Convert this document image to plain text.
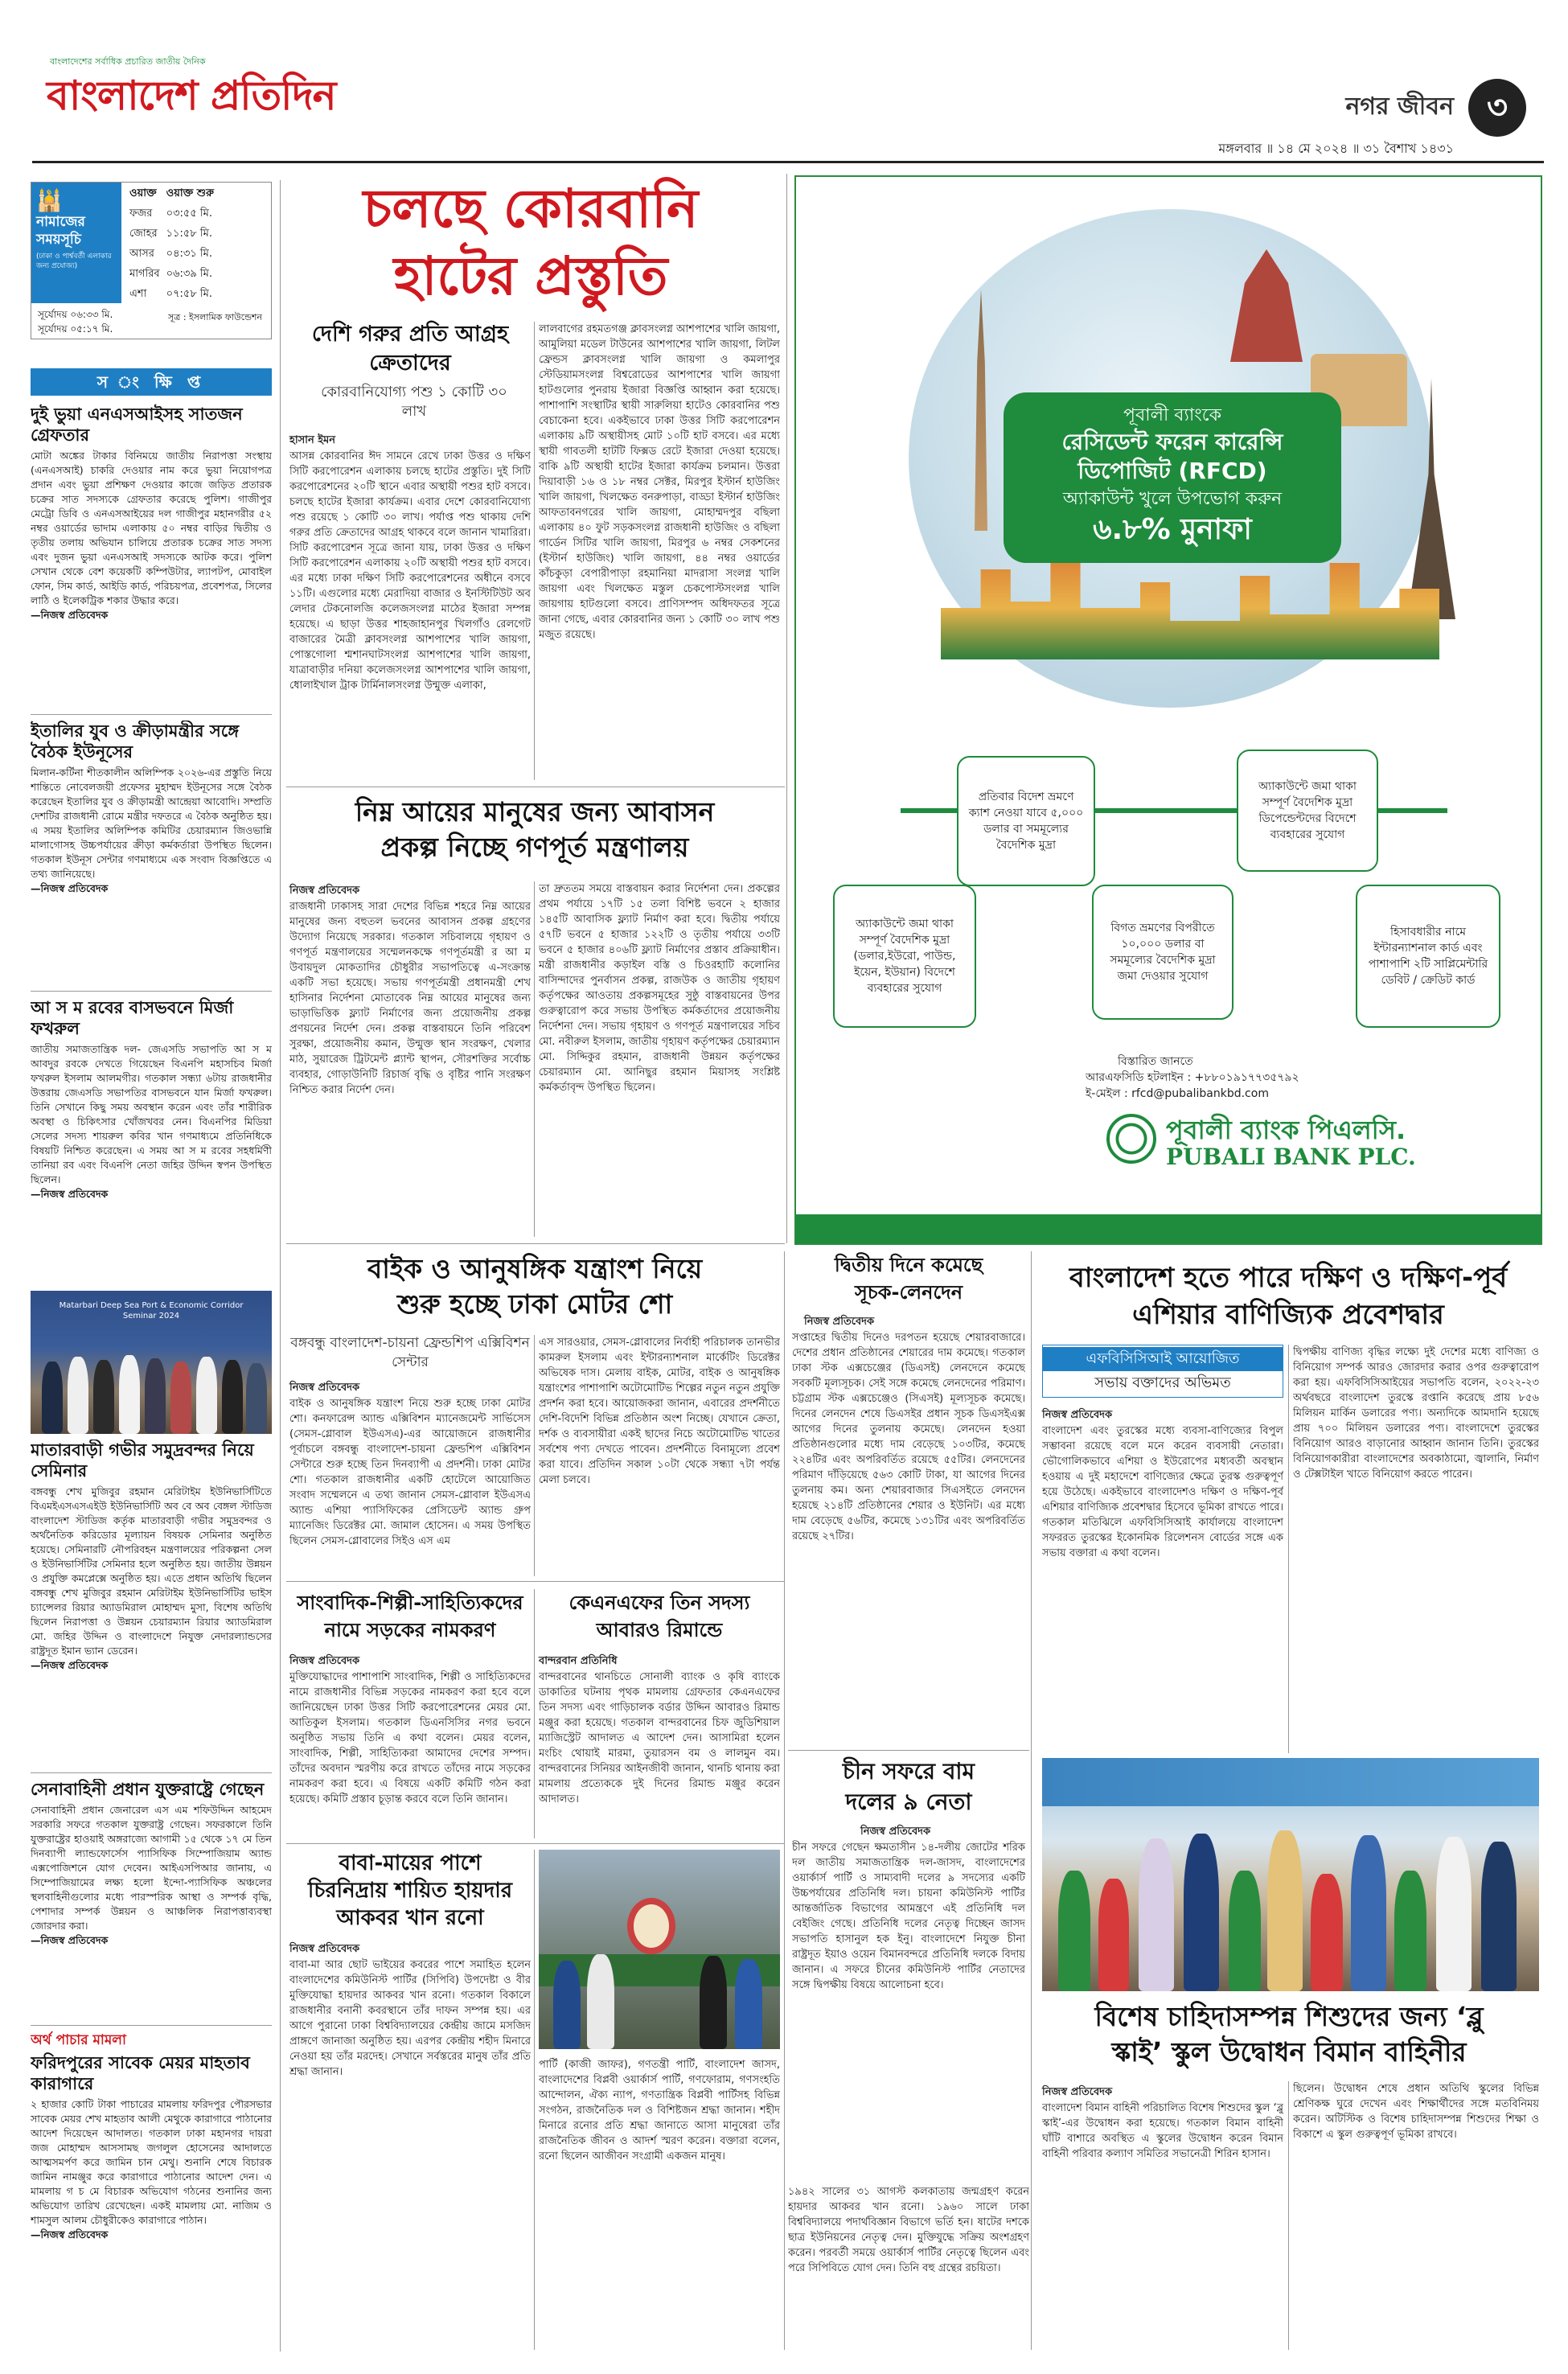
বাংলাদেশের সর্বাধিক প্রচারিত জাতীয় দৈনিক
বাংলাদেশ প্রতিদিন	নগর জীবন	৩
মঙ্গলবার ॥ ১৪ মে ২০২৪ ॥ ৩১ বৈশাখ ১৪৩১
🕌
নামাজের সময়সূচি
(ঢাকা ও পার্শ্ববর্তী এলাকার জন্য প্রযোজ্য)
ওয়াক্ত	ওয়াক্ত শুরু
ফজর	০৩:৫৫ মি.
জোহর	১১:৫৮ মি.
আসর	০৪:৩১ মি.
মাগরিব	০৬:৩৯ মি.
এশা	০৭:৫৮ মি.
সূর্যোদয় ০৬:৩৩ মি.
সূর্যোদয় ০৫:১৭ মি.
সূত্র : ইসলামিক ফাউন্ডেশন
স ং ক্ষি প্ত
দুই ভুয়া এনএসআইসহ সাতজন গ্রেফতার

মোটা অঙ্কের টাকার বিনিময়ে জাতীয় নিরাপত্তা সংস্থায় (এনএসআই) চাকরি দেওয়ার নাম করে ভুয়া নিয়োগপত্র প্রদান এবং ভুয়া প্রশিক্ষণ দেওয়ার কাজে জড়িত প্রতারক চক্রের সাত সদস্যকে গ্রেফতার করেছে পুলিশ। গাজীপুর মেট্রো ডিবি ও এনএসআইয়ের দল গাজীপুর মহানগরীর ৫২ নম্বর ওয়ার্ডের ভাদাম এলাকায় ৫০ নম্বর বাড়ির দ্বিতীয় ও তৃতীয় তলায় অভিযান চালিয়ে প্রতারক চক্রের সাত সদস্য এবং দুজন ভুয়া এনএসআই সদস্যকে আটক করে। পুলিশ সেখান থেকে বেশ কয়েকটি কম্পিউটার, ল্যাপটপ, মোবাইল ফোন, সিম কার্ড, আইডি কার্ড, পরিচয়পত্র, প্রবেশপত্র, সিলের লাঠি ও ইলেকট্রিক শকার উদ্ধার করে।

—নিজস্ব প্রতিবেদক

ইতালির যুব ও ক্রীড়ামন্ত্রীর সঙ্গে বৈঠক ইউনূসের

মিলান-কর্টিনা শীতকালীন অলিম্পিক ২০২৬-এর প্রস্তুতি নিয়ে শান্তিতে নোবেলজয়ী প্রফেসর মুহাম্মদ ইউনূসের সঙ্গে বৈঠক করেছেন ইতালির যুব ও ক্রীড়ামন্ত্রী আন্দ্রেয়া আবোদি। সম্প্রতি দেশটির রাজধানী রোমে মন্ত্রীর দফতরে এ বৈঠক অনুষ্ঠিত হয়। এ সময় ইতালির অলিম্পিক কমিটির চেয়ারম্যান জিওভান্নি মালাগোসহ উচ্চপর্যায়ের ক্রীড়া কর্মকর্তারা উপস্থিত ছিলেন। গতকাল ইউনূস সেন্টার গণমাধ্যমে এক সংবাদ বিজ্ঞপ্তিতে এ তথ্য জানিয়েছে।

—নিজস্ব প্রতিবেদক

আ স ম রবের বাসভবনে মির্জা ফখরুল

জাতীয় সমাজতান্ত্রিক দল- জেএসডি সভাপতি আ স ম আবদুর রবকে দেখতে গিয়েছেন বিএনপি মহাসচিব মির্জা ফখরুল ইসলাম আলমগীর। গতকাল সন্ধ্যা ৬টায় রাজধানীর উত্তরায় জেএসডি সভাপতির বাসভবনে যান মির্জা ফখরুল। তিনি সেখানে কিছু সময় অবস্থান করেন এবং তাঁর শারীরিক অবস্থা ও চিকিৎসার খোঁজখবর নেন। বিএনপির মিডিয়া সেলের সদস্য শায়রুল কবির খান গণমাধ্যমে প্রতিনিধিকে বিষয়টি নিশ্চিত করেছেন। এ সময় আ স ম রবের সহধর্মিণী তানিয়া রব এবং বিএনপি নেতা জহির উদ্দিন স্বপন উপস্থিত ছিলেন।

—নিজস্ব প্রতিবেদক

Matarbari Deep Sea Port & Economic Corridor Seminar 2024
মাতারবাড়ী গভীর সমুদ্রবন্দর নিয়ে সেমিনার

বঙ্গবন্ধু শেখ মুজিবুর রহমান মেরিটাইম ইউনিভার্সিটিতে বিএমইএসএসএইউ ইউনিভার্সিটি অব বে অব বেঙ্গল স্টাডিজ বাংলাদেশ স্টাডিজ কর্তৃক মাতারবাড়ী গভীর সমুদ্রবন্দর ও অর্থনৈতিক করিডোর মূল্যায়ন বিষয়ক সেমিনার অনুষ্ঠিত হয়েছে। সেমিনারটি নৌপরিবহন মন্ত্রণালয়ের পরিকল্পনা সেল ও ইউনিভার্সিটির সেমিনার হলে অনুষ্ঠিত হয়। জাতীয় উন্নয়ন ও প্রযুক্তি কমপ্লেক্সে অনুষ্ঠিত হয়। এতে প্রধান অতিথি ছিলেন বঙ্গবন্ধু শেখ মুজিবুর রহমান মেরিটাইম ইউনিভার্সিটির ভাইস চ্যান্সেলর রিয়ার অ্যাডমিরাল মোহাম্মদ মুসা, বিশেষ অতিথি ছিলেন নিরাপত্তা ও উন্নয়ন চেয়ারম্যান রিয়ার অ্যাডমিরাল মো. জহির উদ্দিন ও বাংলাদেশে নিযুক্ত নেদারল্যান্ডসের রাষ্ট্রদূত ইমান ভ্যান ডেরেন।

—নিজস্ব প্রতিবেদক

সেনাবাহিনী প্রধান যুক্তরাষ্ট্রে গেছেন

সেনাবাহিনী প্রধান জেনারেল এস এম শফিউদ্দিন আহমেদ সরকারি সফরে গতকাল যুক্তরাষ্ট্র গেছেন। সফরকালে তিনি যুক্তরাষ্ট্রের হাওয়াই অঙ্গরাজ্যে আগামী ১৫ থেকে ১৭ মে তিন দিনব্যাপী ল্যান্ডফোর্সেস প্যাসিফিক সিম্পোজিয়াম অ্যান্ড এক্সপোজিশনে যোগ দেবেন। আইএসপিআর জানায়, এ সিম্পোজিয়ামের লক্ষ্য হলো ইন্দো-প্যাসিফিক অঞ্চলের স্থলবাহিনীগুলোর মধ্যে পারস্পরিক আস্থা ও সম্পর্ক বৃদ্ধি, পেশাদার সম্পর্ক উন্নয়ন ও আঞ্চলিক নিরাপত্তাব্যবস্থা জোরদার করা।

—নিজস্ব প্রতিবেদক

অর্থ পাচার মামলা
ফরিদপুরের সাবেক মেয়র মাহতাব কারাগারে

২ হাজার কোটি টাকা পাচারের মামলায় ফরিদপুর পৌরসভার সাবেক মেয়র শেখ মাহতাব আলী মেথুকে কারাগারে পাঠানোর আদেশ দিয়েছেন আদালত। গতকাল ঢাকা মহানগর দায়রা জজ মোহাম্মদ আসসামছ জগলুল হোসেনের আদালতে আত্মসমর্পণ করে জামিন চান মেথু। শুনানি শেষে বিচারক জামিন নামঞ্জুর করে কারাগারে পাঠানোর আদেশ দেন। এ মামলায় গ চ মে বিচারক অভিযোগ গঠনের শুনানির জন্য অভিযোগ তারিখ রেখেছেন। একই মামলায় মো. নাজিম ও শামসুল আলম চৌধুরীকেও কারাগারে পাঠান।

—নিজস্ব প্রতিবেদক

চলছে কোরবানি
হাটের প্রস্তুতি
দেশি গরুর প্রতি আগ্রহ ক্রেতাদের
কোরবানিযোগ্য পশু ১ কোটি ৩০ লাখ
হাসান ইমন
আসন্ন কোরবানির ঈদ সামনে রেখে ঢাকা উত্তর ও দক্ষিণ সিটি করপোরেশন এলাকায় চলছে হাটের প্রস্তুতি। দুই সিটি করপোরেশনের ২০টি স্থানে এবার অস্থায়ী পশুর হাট বসবে। চলছে হাটের ইজারা কার্যক্রম। এবার দেশে কোরবানিযোগ্য পশু রয়েছে ১ কোটি ৩০ লাখ। পর্যাপ্ত পশু থাকায় দেশি গরুর প্রতি ক্রেতাদের আগ্রহ থাকবে বলে জানান খামারিরা। সিটি করপোরেশন সূত্রে জানা যায়, ঢাকা উত্তর ও দক্ষিণ সিটি করপোরেশন এলাকায় ২০টি অস্থায়ী পশুর হাট বসবে। এর মধ্যে ঢাকা দক্ষিণ সিটি করপোরেশনের অধীনে বসবে ১১টি। এগুলোর মধ্যে মেরাদিয়া বাজার ও ইনস্টিটিউট অব লেদার টেকনোলজি কলেজসংলগ্ন মাঠের ইজারা সম্পন্ন হয়েছে। এ ছাড়া উত্তর শাহজাহানপুর খিলগাঁও রেলগেট বাজারের মৈত্রী ক্লাবসংলগ্ন আশপাশের খালি জায়গা, পোস্তগোলা শ্মশানঘাটসংলগ্ন আশপাশের খালি জায়গা, যাত্রাবাড়ীর দনিয়া কলেজসংলগ্ন আশপাশের খালি জায়গা, ধোলাইখাল ট্রাক টার্মিনালসংলগ্ন উন্মুক্ত এলাকা,
লালবাগের রহমতগঞ্জ ক্লাবসংলগ্ন আশপাশের খালি জায়গা, আমুলিয়া মডেল টাউনের আশপাশের খালি জায়গা, লিটল ফ্রেন্ডস ক্লাবসংলগ্ন খালি জায়গা ও কমলাপুর স্টেডিয়ামসংলগ্ন বিশ্বরোডের আশপাশের খালি জায়গা হাটগুলোর পুনরায় ইজারা বিজ্ঞপ্তি আহ্বান করা হয়েছে। পাশাপাশি সংস্থাটির স্থায়ী সারুলিয়া হাটেও কোরবানির পশু বেচাকেনা হবে। একইভাবে ঢাকা উত্তর সিটি করপোরেশন এলাকায় ৯টি অস্থায়ীসহ মোট ১০টি হাট বসবে। এর মধ্যে স্থায়ী গাবতলী হাটটি ফিক্সড রেটে ইজারা দেওয়া হয়েছে। বাকি ৯টি অস্থায়ী হাটের ইজারা কার্যক্রম চলমান। উত্তরা দিয়াবাড়ী ১৬ ও ১৮ নম্বর সেক্টর, মিরপুর ইস্টার্ন হাউজিং খালি জায়গা, খিলক্ষেত বনরুপাড়া, বাড্ডা ইস্টার্ন হাউজিং আফতাবনগরের খালি জায়গা, মোহাম্মদপুর বছিলা এলাকায় ৪০ ফুট সড়কসংলগ্ন রাজধানী হাউজিং ও বছিলা গার্ডেন সিটির খালি জায়গা, মিরপুর ৬ নম্বর সেকশনের (ইস্টার্ন হাউজিং) খালি জায়গা, ৪৪ নম্বর ওয়ার্ডের কাঁচকুড়া বেপারীপাড়া রহমানিয়া মাদরাসা সংলগ্ন খালি জায়গা এবং খিলক্ষেত মস্তুল চেকপোস্টসংলগ্ন খালি জায়গায় হাটগুলো বসবে। প্রাণিসম্পদ অধিদফতর সূত্রে জানা গেছে, এবার কোরবানির জন্য ১ কোটি ৩০ লাখ পশু মজুত রয়েছে।
নিম্ন আয়ের মানুষের জন্য আবাসন
প্রকল্প নিচ্ছে গণপূর্ত মন্ত্রণালয়
নিজস্ব প্রতিবেদক
রাজধানী ঢাকাসহ সারা দেশের বিভিন্ন শহরে নিম্ন আয়ের মানুষের জন্য বহুতল ভবনের আবাসন প্রকল্প গ্রহণের উদ্যোগ নিয়েছে সরকার। গতকাল সচিবালয়ে গৃহায়ণ ও গণপূর্ত মন্ত্রণালয়ের সম্মেলনকক্ষে গণপূর্তমন্ত্রী র আ ম উবায়দুল মোকতাদির চৌধুরীর সভাপতিত্বে এ-সংক্রান্ত একটি সভা হয়েছে। সভায় গণপূর্তমন্ত্রী প্রধানমন্ত্রী শেখ হাসিনার নির্দেশনা মোতাবেক নিম্ন আয়ের মানুষের জন্য ভাড়াভিত্তিক ফ্ল্যাট নির্মাণের জন্য প্রয়োজনীয় প্রকল্প প্রণয়নের নির্দেশ দেন। প্রকল্প বাস্তবায়নে তিনি পরিবেশ সুরক্ষা, প্রয়োজনীয় কমান, উন্মুক্ত স্থান সংরক্ষণ, খেলার মাঠ, সুয়ারেজ ট্রিটমেন্ট প্ল্যান্ট স্থাপন, সৌরশক্তির সর্বোচ্চ ব্যবহার, গোড়াউনিটি রিচার্জ বৃদ্ধি ও বৃষ্টির পানি সংরক্ষণ নিশ্চিত করার নির্দেশ দেন।
তা দ্রুততম সময়ে বাস্তবায়ন করার নির্দেশনা দেন। প্রকল্পের প্রথম পর্যায়ে ১৭টি ১৫ তলা বিশিষ্ট ভবনে ২ হাজার ১৪৫টি আবাসিক ফ্ল্যাট নির্মাণ করা হবে। দ্বিতীয় পর্যায়ে ৫৭টি ভবনে ৫ হাজার ১২২টি ও তৃতীয় পর্যায়ে ৩৩টি ভবনে ৫ হাজার ৪০৬টি ফ্ল্যাট নির্মাণের প্রস্তাব প্রক্রিয়াধীন। মন্ত্রী রাজধানীর কড়াইল বস্তি ও চিওরহাটি কলোনির বাসিন্দাদের পুনর্বাসন প্রকল্প, রাজউক ও জাতীয় গৃহায়ণ কর্তৃপক্ষের আওতায় প্রকল্পসমূহের সুষ্ঠু বাস্তবায়নের উপর গুরুত্বারোপ করে সভায় উপস্থিত কর্মকর্তাদের প্রয়োজনীয় নির্দেশনা দেন। সভায় গৃহায়ণ ও গণপূর্ত মন্ত্রণালয়ের সচিব মো. নবীরুল ইসলাম, জাতীয় গৃহায়ণ কর্তৃপক্ষের চেয়ারম্যান মো. সিদ্দিকুর রহমান, রাজধানী উন্নয়ন কর্তৃপক্ষের চেয়ারম্যান মো. আনিছুর রহমান মিয়াসহ সংশ্লিষ্ট কর্মকর্তাবৃন্দ উপস্থিত ছিলেন।
পূবালী ব্যাংকে
রেসিডেন্ট ফরেন কারেন্সি
ডিপোজিট (RFCD)
অ্যাকাউন্ট খুলে উপভোগ করুন
৬.৮% মুনাফা
প্রতিবার বিদেশ ভ্রমণে ক্যাশ নেওয়া যাবে ৫,০০০ ডলার বা সমমূল্যের বৈদেশিক মুদ্রা
অ্যাকাউন্টে জমা থাকা সম্পূর্ণ বৈদেশিক মুদ্রা ডিপেন্ডেন্টদের বিদেশে ব্যবহারের সুযোগ
অ্যাকাউন্টে জমা থাকা সম্পূর্ণ বৈদেশিক মুদ্রা (ডলার,ইউরো, পাউন্ড, ইয়েন, ইউয়ান) বিদেশে ব্যবহারের সুযোগ
বিগত ভ্রমণের বিপরীতে ১০,০০০ ডলার বা সমমূল্যের বৈদেশিক মুদ্রা জমা দেওয়ার সুযোগ
হিসাবধারীর নামে ইন্টারন্যাশনাল কার্ড এবং পাশাপাশি ২টি সাপ্লিমেন্টারি ডেবিট / ক্রেডিট কার্ড
বিস্তারিত জানতে
আরএফসিডি হটলাইন : +৮৮০১৯১৭৭৩৫৭৯২
ই-মেইল : rfcd@pubalibankbd.com
পূবালী ব্যাংক পিএলসি.
PUBALI BANK PLC.
বাইক ও আনুষঙ্গিক যন্ত্রাংশ নিয়ে
শুরু হচ্ছে ঢাকা মোটর শো
বঙ্গবন্ধু বাংলাদেশ-চায়না ফ্রেন্ডশিপ এক্সিবিশন সেন্টার
নিজস্ব প্রতিবেদক
বাইক ও আনুষঙ্গিক যন্ত্রাংশ নিয়ে শুরু হচ্ছে ঢাকা মোটর শো। কনফারেন্স অ্যান্ড এক্সিবিশন ম্যানেজমেন্ট সার্ভিসেস (সেমস-গ্লোবাল ইউএসএ)-এর আয়োজনে রাজধানীর পূর্বাচলে বঙ্গবন্ধু বাংলাদেশ-চায়না ফ্রেন্ডশিপ এক্সিবিশন সেন্টারে শুরু হচ্ছে তিন দিনব্যাপী এ প্রদর্শনী। ঢাকা মোটর শো। গতকাল রাজধানীর একটি হোটেলে আয়োজিত সংবাদ সম্মেলনে এ তথ্য জানান সেমস-গ্লোবাল ইউএসএ অ্যান্ড এশিয়া প্যাসিফিকের প্রেসিডেন্ট অ্যান্ড গ্রুপ ম্যানেজিং ডিরেক্টর মো. জামাল হোসেন। এ সময় উপস্থিত ছিলেন সেমস-গ্লোবালের সিইও এস এম
এস সারওয়ার, সেমস-গ্লোবালের নির্বাহী পরিচালক তানভীর কামরুল ইসলাম এবং ইন্টারন্যাশনাল মার্কেটিং ডিরেক্টর অভিষেক দাস। মেলায় বাইক, মোটর, বাইক ও আনুষঙ্গিক যন্ত্রাংশের পাশাপাশি অটোমোটিভ শিল্পের নতুন নতুন প্রযুক্তি প্রদর্শন করা হবে। আয়োজকরা জানান, এবারের প্রদর্শনীতে দেশি-বিদেশি বিভিন্ন প্রতিষ্ঠান অংশ নিচ্ছে। যেখানে ক্রেতা, দর্শক ও ব্যবসায়ীরা একই ছাদের নিচে অটোমোটিভ খাতের সর্বশেষ পণ্য দেখতে পাবেন। প্রদর্শনীতে বিনামূল্যে প্রবেশ করা যাবে। প্রতিদিন সকাল ১০টা থেকে সন্ধ্যা ৭টা পর্যন্ত মেলা চলবে।
সাংবাদিক-শিল্পী-সাহিত্যিকদের
নামে সড়কের নামকরণ
নিজস্ব প্রতিবেদক
মুক্তিযোদ্ধাদের পাশাপাশি সাংবাদিক, শিল্পী ও সাহিত্যিকদের নামে রাজধানীর বিভিন্ন সড়কের নামকরণ করা হবে বলে জানিয়েছেন ঢাকা উত্তর সিটি করপোরেশনের মেয়র মো. আতিকুল ইসলাম। গতকাল ডিএনসিসির নগর ভবনে অনুষ্ঠিত সভায় তিনি এ কথা বলেন। মেয়র বলেন, সাংবাদিক, শিল্পী, সাহিত্যিকরা আমাদের দেশের সম্পদ। তাঁদের অবদান স্মরণীয় করে রাখতে তাঁদের নামে সড়কের নামকরণ করা হবে। এ বিষয়ে একটি কমিটি গঠন করা হয়েছে। কমিটি প্রস্তাব চূড়ান্ত করবে বলে তিনি জানান।
কেএনএফের তিন সদস্য
আবারও রিমান্ডে
বান্দরবান প্রতিনিধি
বান্দরবানের থানচিতে সোনালী ব্যাংক ও কৃষি ব্যাংকে ডাকাতির ঘটনায় পৃথক মামলায় গ্রেফতার কেএনএফের তিন সদস্য এবং গাড়িচালক বর্ডার উদ্দিন আবারও রিমান্ড মঞ্জুর করা হয়েছে। গতকাল বান্দরবানের চিফ জুডিশিয়াল ম্যাজিস্ট্রেট আদালত এ আদেশ দেন। আসামিরা হলেন মংচিং থোয়াই মারমা, তুয়ারসন বম ও লালমুন বম। বান্দরবানের সিনিয়র আইনজীবী জানান, থানচি থানায় করা মামলায় প্রত্যেককে দুই দিনের রিমান্ড মঞ্জুর করেন আদালত।
বাবা-মায়ের পাশে
চিরনিদ্রায় শায়িত হায়দার
আকবর খান রনো
নিজস্ব প্রতিবেদক
বাবা-মা আর ছোট ভাইয়ের কবরের পাশে সমাহিত হলেন বাংলাদেশের কমিউনিস্ট পার্টির (সিপিবি) উপদেষ্টা ও বীর মুক্তিযোদ্ধা হায়দার আকবর খান রনো। গতকাল বিকালে রাজধানীর বনানী কবরস্থানে তাঁর দাফন সম্পন্ন হয়। এর আগে পুরানো ঢাকা বিশ্ববিদ্যালয়ের কেন্দ্রীয় জামে মসজিদ প্রাঙ্গণে জানাজা অনুষ্ঠিত হয়। এরপর কেন্দ্রীয় শহীদ মিনারে নেওয়া হয় তাঁর মরদেহ। সেখানে সর্বস্তরের মানুষ তাঁর প্রতি শ্রদ্ধা জানান।
পার্টি (কাজী জাফর), গণতন্ত্রী পার্টি, বাংলাদেশ জাসদ, বাংলাদেশের বিপ্লবী ওয়ার্কার্স পার্টি, গণফোরাম, গণসংহতি আন্দোলন, ঐক্য ন্যাপ, গণতান্ত্রিক বিপ্লবী পার্টিসহ বিভিন্ন সংগঠন, রাজনৈতিক দল ও বিশিষ্টজন শ্রদ্ধা জানান। শহীদ মিনারে রনোর প্রতি শ্রদ্ধা জানাতে আসা মানুষেরা তাঁর রাজনৈতিক জীবন ও আদর্শ স্মরণ করেন। বক্তারা বলেন, রনো ছিলেন আজীবন সংগ্রামী একজন মানুষ।
১৯৪২ সালের ৩১ আগস্ট কলকাতায় জন্মগ্রহণ করেন হায়দার আকবর খান রনো। ১৯৬০ সালে ঢাকা বিশ্ববিদ্যালয়ে পদার্থবিজ্ঞান বিভাগে ভর্তি হন। ষাটের দশকে ছাত্র ইউনিয়নের নেতৃত্ব দেন। মুক্তিযুদ্ধে সক্রিয় অংশগ্রহণ করেন। পরবর্তী সময়ে ওয়ার্কার্স পার্টির নেতৃত্বে ছিলেন এবং পরে সিপিবিতে যোগ দেন। তিনি বহু গ্রন্থের রচয়িতা।
দ্বিতীয় দিনে কমেছে
সূচক-লেনদেন
নিজস্ব প্রতিবেদক
সপ্তাহের দ্বিতীয় দিনেও দরপতন হয়েছে শেয়ারবাজারে। দেশের প্রধান প্রতিষ্ঠানের শেয়ারের দাম কমেছে। গতকাল ঢাকা স্টক এক্সচেঞ্জের (ডিএসই) লেনদেনে কমেছে সবকটি মূল্যসূচক। সেই সঙ্গে কমেছে লেনদেনের পরিমাণ। চট্টগ্রাম স্টক এক্সচেঞ্জেও (সিএসই) মূল্যসূচক কমেছে। দিনের লেনদেন শেষে ডিএসইর প্রধান সূচক ডিএসইএক্স আগের দিনের তুলনায় কমেছে। লেনদেন হওয়া প্রতিষ্ঠানগুলোর মধ্যে দাম বেড়েছে ১০৩টির, কমেছে ২২৪টির এবং অপরিবর্তিত রয়েছে ৫৫টির। লেনদেনের পরিমাণ দাঁড়িয়েছে ৫৬৩ কোটি টাকা, যা আগের দিনের তুলনায় কম। অন্য শেয়ারবাজার সিএসইতে লেনদেন হয়েছে ২১৪টি প্রতিষ্ঠানের শেয়ার ও ইউনিট। এর মধ্যে দাম বেড়েছে ৫৬টির, কমেছে ১৩১টির এবং অপরিবর্তিত রয়েছে ২৭টির।
চীন সফরে বাম
দলের ৯ নেতা
নিজস্ব প্রতিবেদক
চীন সফরে গেছেন ক্ষমতাসীন ১৪-দলীয় জোটের শরিক দল জাতীয় সমাজতান্ত্রিক দল-জাসদ, বাংলাদেশের ওয়ার্কার্স পার্টি ও সাম্যবাদী দলের ৯ সদস্যের একটি উচ্চপর্যায়ের প্রতিনিধি দল। চায়না কমিউনিস্ট পার্টির আন্তর্জাতিক বিভাগের আমন্ত্রণে এই প্রতিনিধি দল বেইজিং গেছে। প্রতিনিধি দলের নেতৃত্ব দিচ্ছেন জাসদ সভাপতি হাসানুল হক ইনু। বাংলাদেশে নিযুক্ত চীনা রাষ্ট্রদূত ইয়াও ওয়েন বিমানবন্দরে প্রতিনিধি দলকে বিদায় জানান। এ সফরে চীনের কমিউনিস্ট পার্টির নেতাদের সঙ্গে দ্বিপক্ষীয় বিষয়ে আলোচনা হবে।
বাংলাদেশ হতে পারে দক্ষিণ ও দক্ষিণ-পূর্ব
এশিয়ার বাণিজ্যিক প্রবেশদ্বার
এফবিসিসিআই আয়োজিত
সভায় বক্তাদের অভিমত
নিজস্ব প্রতিবেদক
বাংলাদেশ এবং তুরস্কের মধ্যে ব্যবসা-বাণিজ্যের বিপুল সম্ভাবনা রয়েছে বলে মনে করেন ব্যবসায়ী নেতারা। ভৌগোলিকভাবে এশিয়া ও ইউরোপের মধ্যবর্তী অবস্থান হওয়ায় এ দুই মহাদেশে বাণিজ্যের ক্ষেত্রে তুরস্ক গুরুত্বপূর্ণ হয়ে উঠেছে। একইভাবে বাংলাদেশও দক্ষিণ ও দক্ষিণ-পূর্ব এশিয়ার বাণিজ্যিক প্রবেশদ্বার হিসেবে ভূমিকা রাখতে পারে। গতকাল মতিঝিলে এফবিসিসিআই কার্যালয়ে বাংলাদেশ সফররত তুরস্কের ইকোনমিক রিলেশনস বোর্ডের সঙ্গে এক সভায় বক্তারা এ কথা বলেন।
দ্বিপক্ষীয় বাণিজ্য বৃদ্ধির লক্ষ্যে দুই দেশের মধ্যে বাণিজ্য ও বিনিয়োগ সম্পর্ক আরও জোরদার করার ওপর গুরুত্বারোপ করা হয়। এফবিসিসিআইয়ের সভাপতি বলেন, ২০২২-২৩ অর্থবছরে বাংলাদেশ তুরস্কে রপ্তানি করেছে প্রায় ৮৫৬ মিলিয়ন মার্কিন ডলারের পণ্য। অন্যদিকে আমদানি হয়েছে প্রায় ৭০০ মিলিয়ন ডলারের পণ্য। বাংলাদেশে তুরস্কের বিনিয়োগ আরও বাড়ানোর আহ্বান জানান তিনি। তুরস্কের বিনিয়োগকারীরা বাংলাদেশের অবকাঠামো, জ্বালানি, নির্মাণ ও টেক্সটাইল খাতে বিনিয়োগ করতে পারেন।
বিশেষ চাহিদাসম্পন্ন শিশুদের জন্য ‘ব্লু
স্কাই’ স্কুল উদ্বোধন বিমান বাহিনীর
নিজস্ব প্রতিবেদক
বাংলাদেশ বিমান বাহিনী পরিচালিত বিশেষ শিশুদের স্কুল ‘ব্লু স্কাই’-এর উদ্বোধন করা হয়েছে। গতকাল বিমান বাহিনী ঘাঁটি বাশারে অবস্থিত এ স্কুলের উদ্বোধন করেন বিমান বাহিনী পরিবার কল্যাণ সমিতির সভানেত্রী শিরিন হাসান।
ছিলেন। উদ্বোধন শেষে প্রধান অতিথি স্কুলের বিভিন্ন শ্রেণিকক্ষ ঘুরে দেখেন এবং শিক্ষার্থীদের সঙ্গে মতবিনিময় করেন। অটিস্টিক ও বিশেষ চাহিদাসম্পন্ন শিশুদের শিক্ষা ও বিকাশে এ স্কুল গুরুত্বপূর্ণ ভূমিকা রাখবে।
